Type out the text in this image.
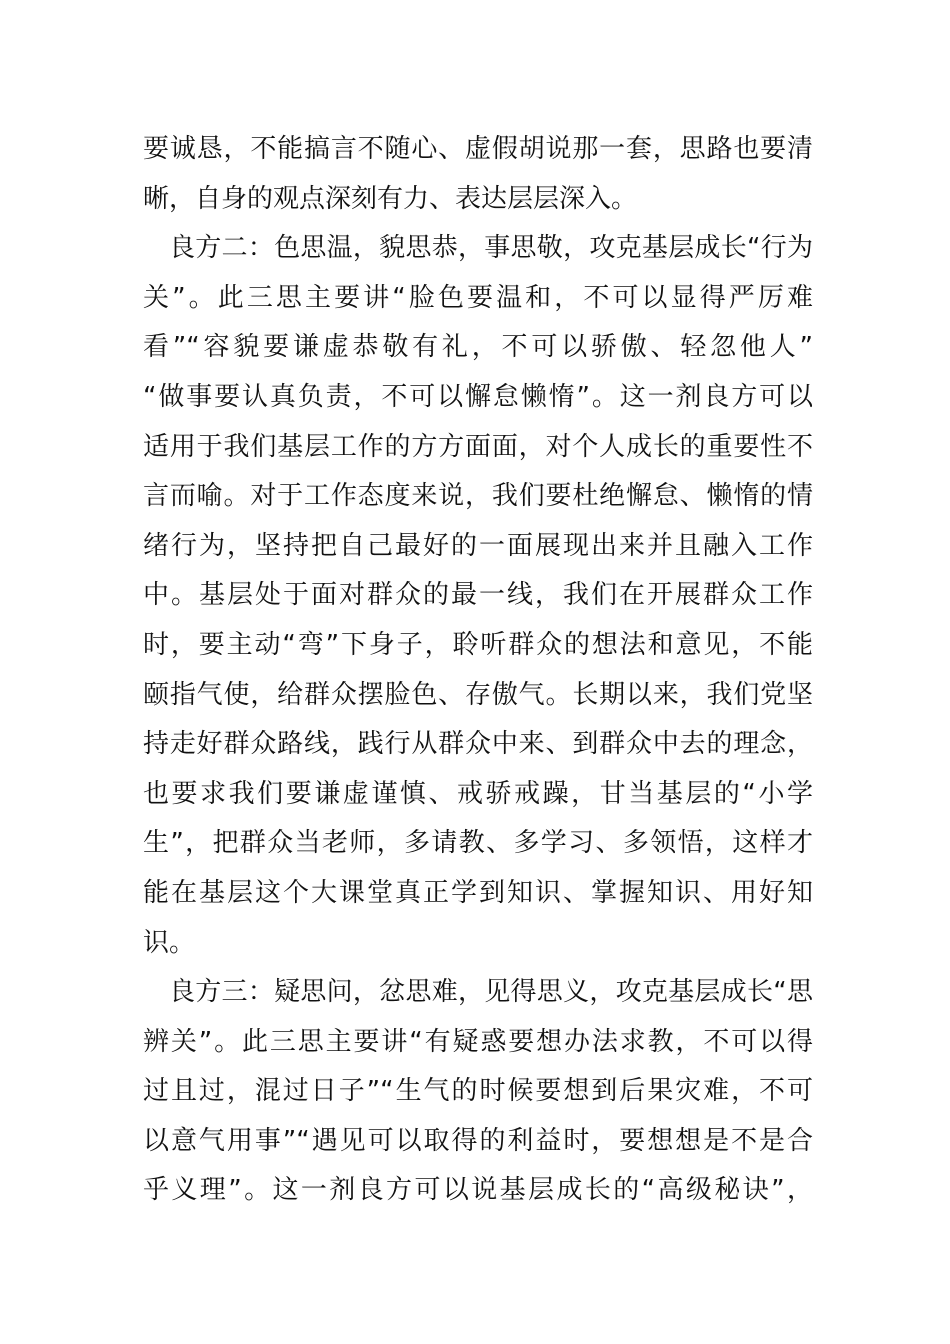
要诚恳，不能搞言不随心、虚假胡说那一套，思路也要清
晰，自身的观点深刻有力、表达层层深入。
良方二：色思温，貌思恭，事思敬，攻克基层成长“行为
关”。此三思主要讲“脸色要温和，不可以显得严厉难
看”“容貌要谦虚恭敬有礼，不可以骄傲、轻忽他人”
“做事要认真负责，不可以懈怠懒惰”。这一剂良方可以
适用于我们基层工作的方方面面，对个人成长的重要性不
言而喻。对于工作态度来说，我们要杜绝懈怠、懒惰的情
绪行为，坚持把自己最好的一面展现出来并且融入工作
中。基层处于面对群众的最一线，我们在开展群众工作
时，要主动“弯”下身子，聆听群众的想法和意见，不能
颐指气使，给群众摆脸色、存傲气。长期以来，我们党坚
持走好群众路线，践行从群众中来、到群众中去的理念，
也要求我们要谦虚谨慎、戒骄戒躁，甘当基层的“小学
生”，把群众当老师，多请教、多学习、多领悟，这样才
能在基层这个大课堂真正学到知识、掌握知识、用好知
识。
良方三：疑思问，忿思难，见得思义，攻克基层成长“思
辨关”。此三思主要讲“有疑惑要想办法求教，不可以得
过且过，混过日子”“生气的时候要想到后果灾难，不可
以意气用事”“遇见可以取得的利益时，要想想是不是合
乎义理”。这一剂良方可以说基层成长的“高级秘诀”，
